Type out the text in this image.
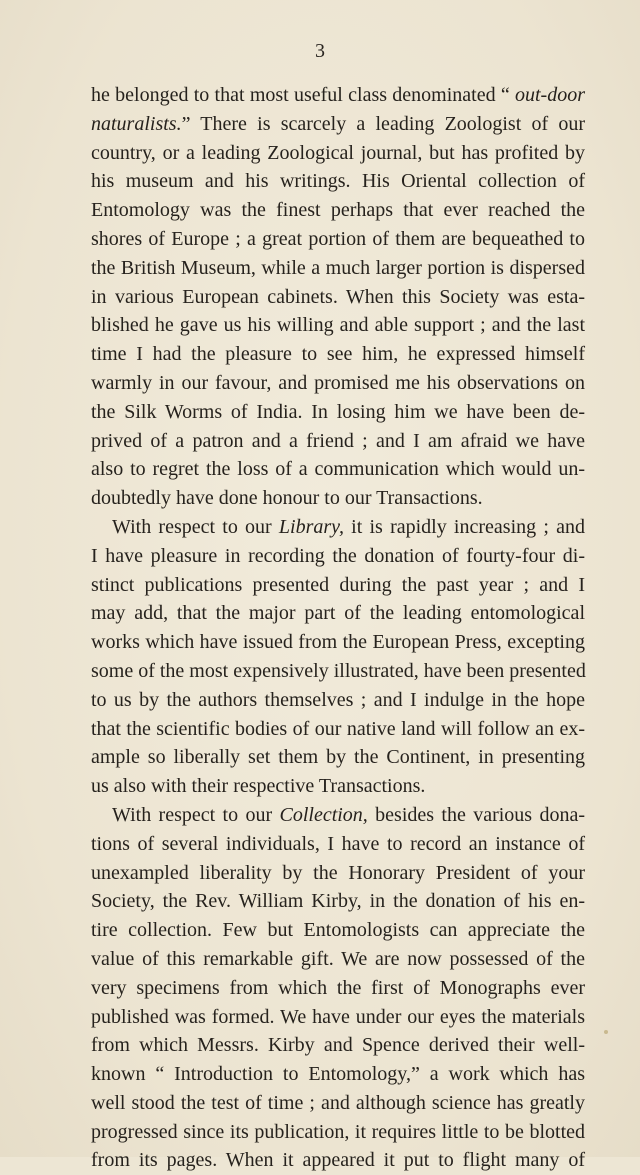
3
he belonged to that most useful class denominated “ out-door
naturalists.” There is scarcely a leading Zoologist of our
country, or a leading Zoological journal, but has profited by
his museum and his writings. His Oriental collection of
Entomology was the finest perhaps that ever reached the
shores of Europe ; a great portion of them are bequeathed to
the British Museum, while a much larger portion is dispersed
in various European cabinets. When this Society was esta-
blished he gave us his willing and able support ; and the last
time I had the pleasure to see him, he expressed himself
warmly in our favour, and promised me his observations on
the Silk Worms of India. In losing him we have been de-
prived of a patron and a friend ; and I am afraid we have
also to regret the loss of a communication which would un-
doubtedly have done honour to our Transactions.
With respect to our Library, it is rapidly increasing ; and
I have pleasure in recording the donation of fourty-four di-
stinct publications presented during the past year ; and I
may add, that the major part of the leading entomological
works which have issued from the European Press, excepting
some of the most expensively illustrated, have been presented
to us by the authors themselves ; and I indulge in the hope
that the scientific bodies of our native land will follow an ex-
ample so liberally set them by the Continent, in presenting
us also with their respective Transactions.
With respect to our Collection, besides the various dona-
tions of several individuals, I have to record an instance of
unexampled liberality by the Honorary President of your
Society, the Rev. William Kirby, in the donation of his en-
tire collection. Few but Entomologists can appreciate the
value of this remarkable gift. We are now possessed of the
very specimens from which the first of Monographs ever
published was formed. We have under our eyes the materials
from which Messrs. Kirby and Spence derived their well-
known “ Introduction to Entomology,” a work which has
well stood the test of time ; and although science has greatly
progressed since its publication, it requires little to be blotted
from its pages. When it appeared it put to flight many of
